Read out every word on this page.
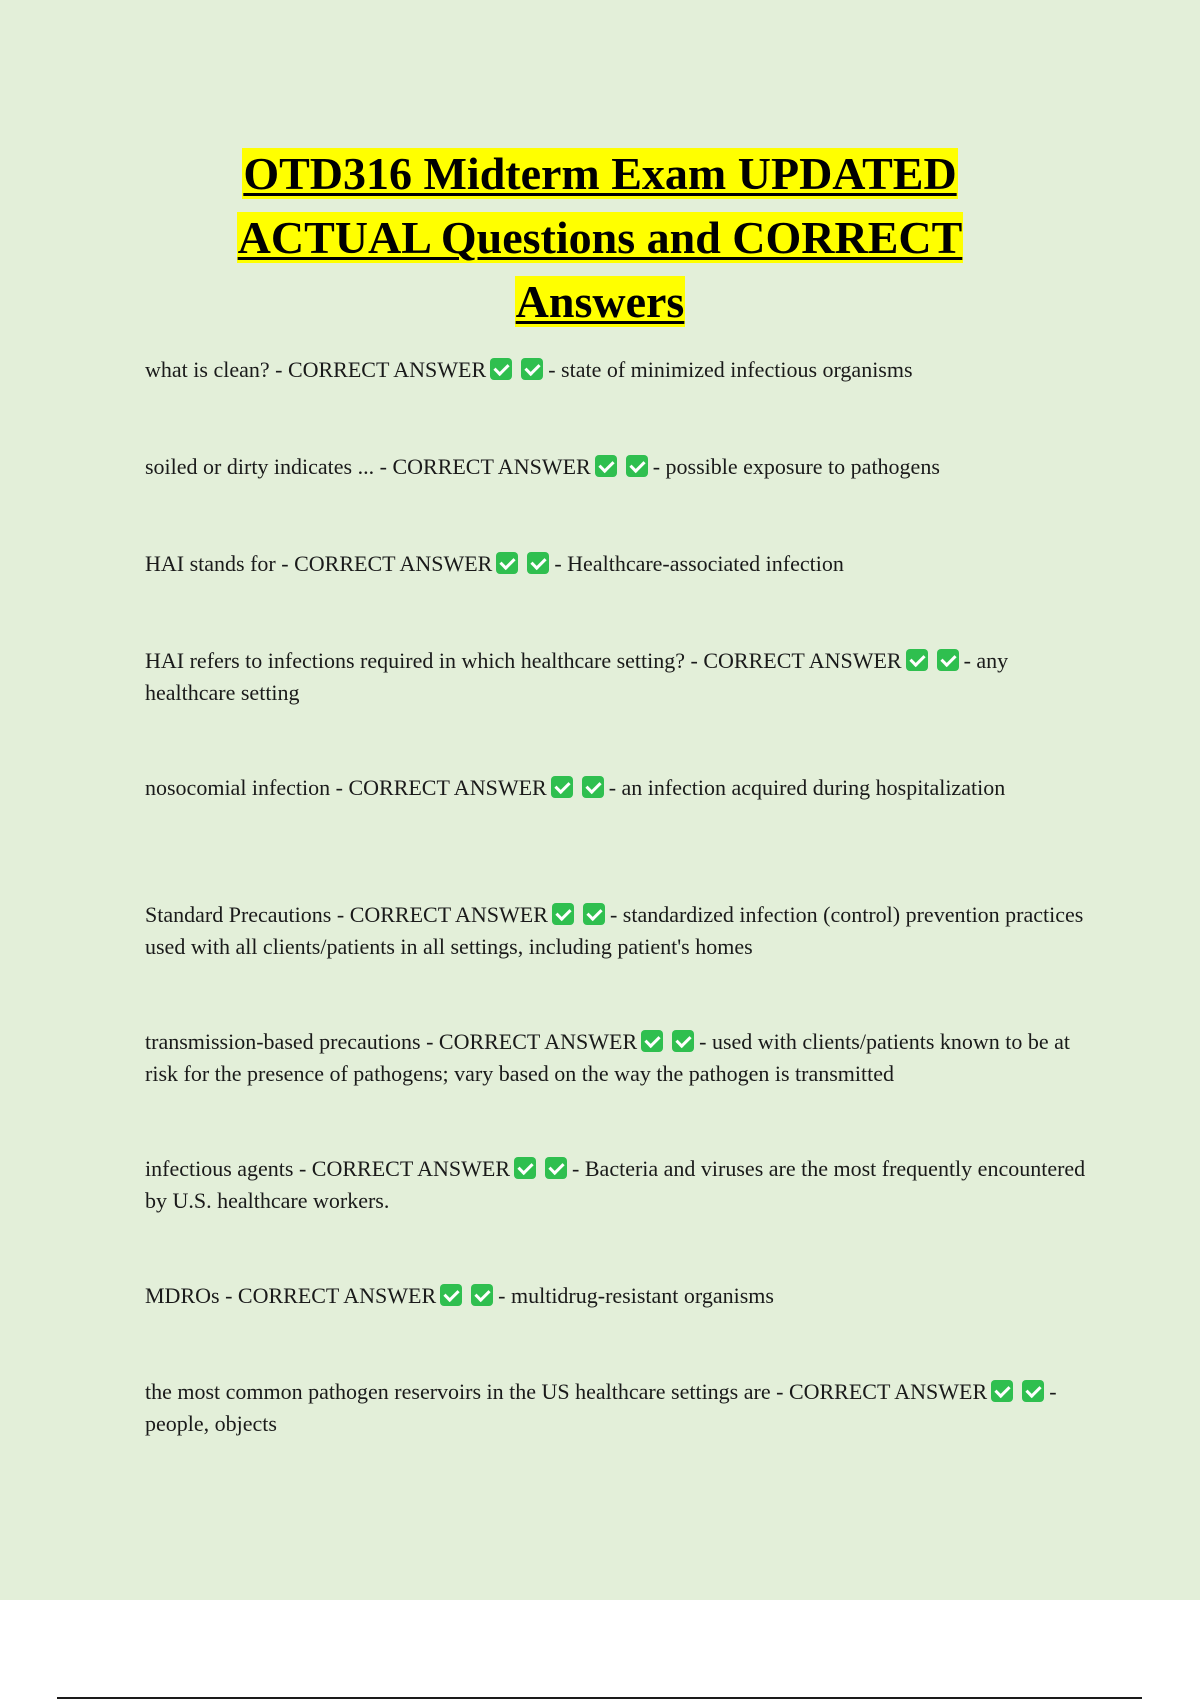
OTD316 Midterm Exam UPDATED
ACTUAL Questions and CORRECT
Answers

what is clean? - CORRECT ANSWER	- state of minimized infectious organisms

soiled or dirty indicates ... - CORRECT ANSWER	- possible exposure to pathogens

HAI stands for - CORRECT ANSWER	- Healthcare-associated infection

HAI refers to infections required in which healthcare setting? - CORRECT ANSWER	- any healthcare setting

nosocomial infection - CORRECT ANSWER	- an infection acquired during hospitalization

Standard Precautions - CORRECT ANSWER	- standardized infection (control) prevention practices used with all clients/patients in all settings, including patient's homes

transmission-based precautions - CORRECT ANSWER	- used with clients/patients known to be at risk for the presence of pathogens; vary based on the way the pathogen is transmitted

infectious agents - CORRECT ANSWER	- Bacteria and viruses are the most frequently encountered by U.S. healthcare workers.

MDROs - CORRECT ANSWER	- multidrug-resistant organisms

the most common pathogen reservoirs in the US healthcare settings are - CORRECT ANSWER	- people, objects
